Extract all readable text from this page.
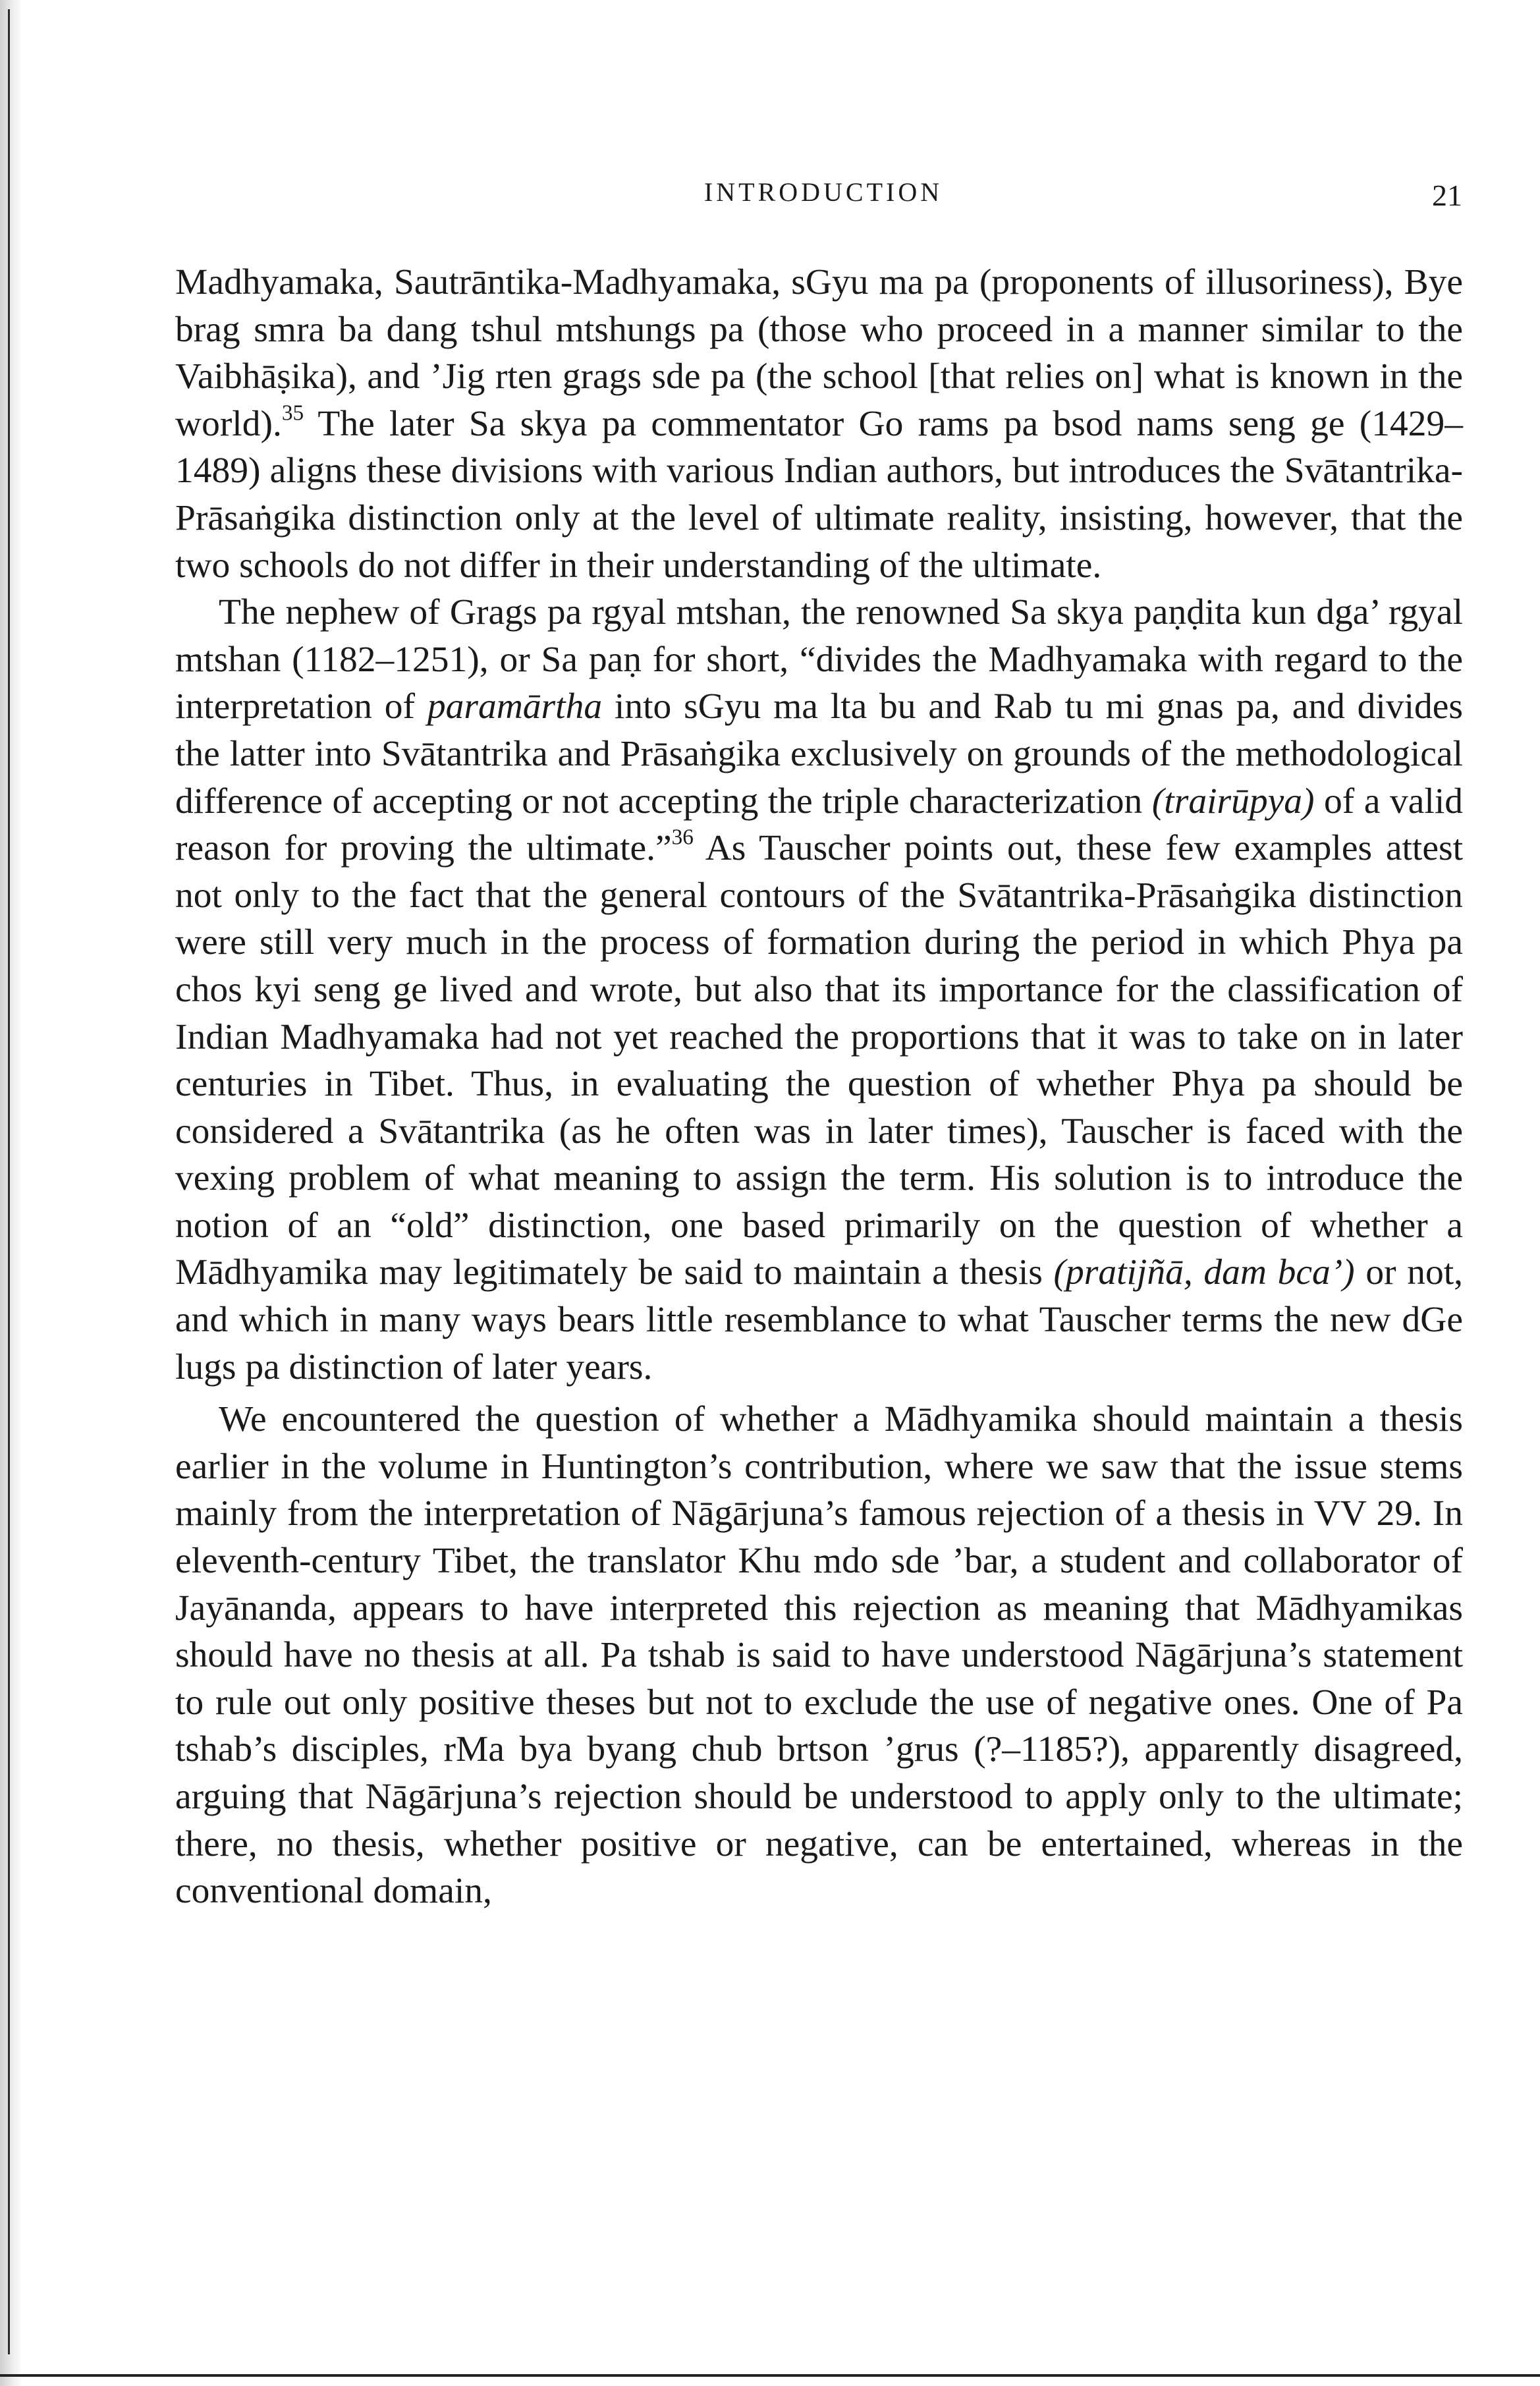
INTRODUCTION	21

Madhyamaka, Sautrāntika-Madhyamaka, sGyu ma pa (proponents of illusoriness), Bye brag smra ba dang tshul mtshungs pa (those who proceed in a manner similar to the Vaibhāṣika), and ’Jig rten grags sde pa (the school [that relies on] what is known in the world).$^{35}$ The later Sa skya pa commentator Go rams pa bsod nams seng ge (1429–1489) aligns these divisions with various Indian authors, but introduces the Svātantrika-Prāsaṅgika distinction only at the level of ultimate reality, insisting, however, that the two schools do not differ in their understanding of the ultimate.

The nephew of Grags pa rgyal mtshan, the renowned Sa skya paṇḍita kun dga’ rgyal mtshan (1182–1251), or Sa paṇ for short, “divides the Madhyamaka with regard to the interpretation of paramārtha into sGyu ma lta bu and Rab tu mi gnas pa, and divides the latter into Svātantrika and Prāsaṅgika exclusively on grounds of the methodological difference of accepting or not accepting the triple characterization (trairūpya) of a valid reason for proving the ultimate.”$^{36}$ As Tauscher points out, these few examples attest not only to the fact that the general contours of the Svātantrika-Prāsaṅgika distinction were still very much in the process of formation during the period in which Phya pa chos kyi seng ge lived and wrote, but also that its importance for the classification of Indian Madhyamaka had not yet reached the proportions that it was to take on in later centuries in Tibet. Thus, in evaluating the question of whether Phya pa should be considered a Svātantrika (as he often was in later times), Tauscher is faced with the vexing problem of what meaning to assign the term. His solution is to introduce the notion of an “old” distinction, one based primarily on the question of whether a Mādhyamika may legitimately be said to maintain a thesis (pratijñā, dam bca’) or not, and which in many ways bears little resemblance to what Tauscher terms the new dGe lugs pa distinction of later years.

We encountered the question of whether a Mādhyamika should maintain a thesis earlier in the volume in Huntington’s contribution, where we saw that the issue stems mainly from the interpretation of Nāgārjuna’s famous rejection of a thesis in VV 29. In eleventh-century Tibet, the translator Khu mdo sde ’bar, a student and collaborator of Jayānanda, appears to have interpreted this rejection as meaning that Mādhyamikas should have no thesis at all. Pa tshab is said to have understood Nāgārjuna’s statement to rule out only positive theses but not to exclude the use of negative ones. One of Pa tshab’s disciples, rMa bya byang chub brtson ’grus (?–1185?), apparently disagreed, arguing that Nāgārjuna’s rejection should be understood to apply only to the ultimate; there, no thesis, whether positive or negative, can be entertained, whereas in the conventional domain,
